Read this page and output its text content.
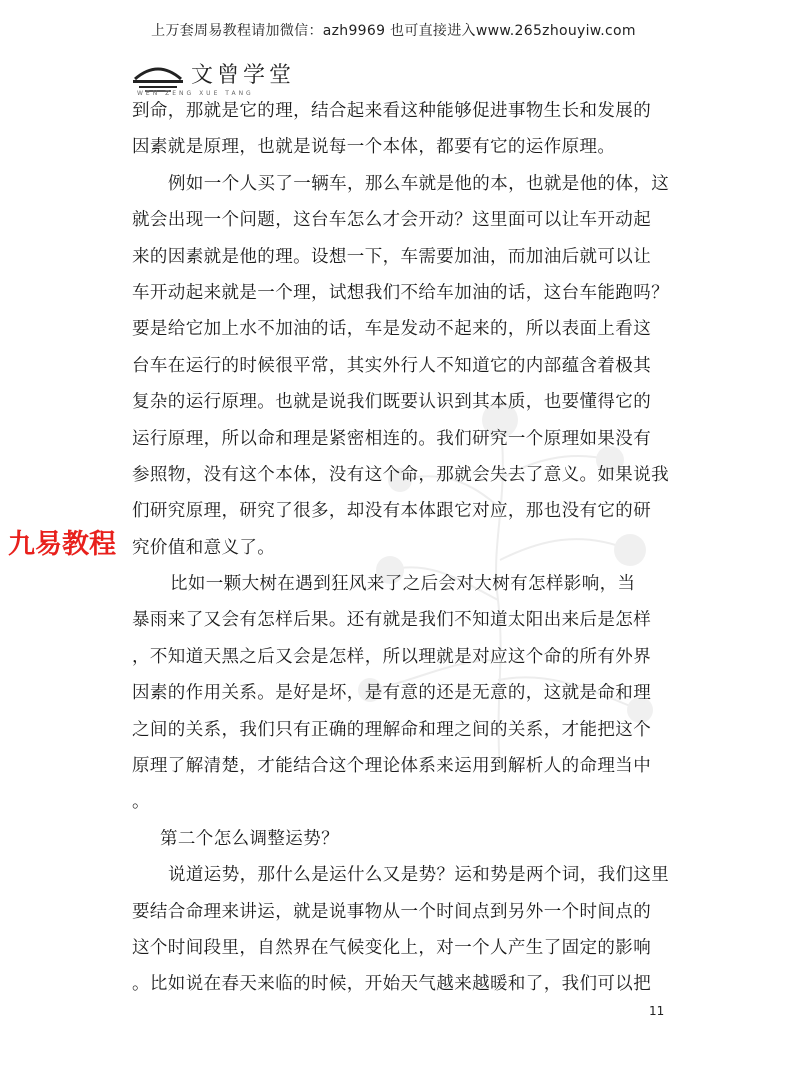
上万套周易教程请加微信：azh9969 也可直接进入www.265zhouyiw.com
文曾学堂
WEN ZENG XUE TANG
到命，那就是它的理，结合起来看这种能够促进事物生长和发展的
因素就是原理，也就是说每一个本体，都要有它的运作原理。
例如一个人买了一辆车，那么车就是他的本，也就是他的体，这
就会出现一个问题，这台车怎么才会开动？这里面可以让车开动起
来的因素就是他的理。设想一下，车需要加油，而加油后就可以让
车开动起来就是一个理，试想我们不给车加油的话，这台车能跑吗？
要是给它加上水不加油的话，车是发动不起来的，所以表面上看这
台车在运行的时候很平常，其实外行人不知道它的内部蕴含着极其
复杂的运行原理。也就是说我们既要认识到其本质，也要懂得它的
运行原理，所以命和理是紧密相连的。我们研究一个原理如果没有
参照物，没有这个本体，没有这个命，那就会失去了意义。如果说我
们研究原理，研究了很多，却没有本体跟它对应，那也没有它的研
究价值和意义了。
比如一颗大树在遇到狂风来了之后会对大树有怎样影响，当
暴雨来了又会有怎样后果。还有就是我们不知道太阳出来后是怎样
，不知道天黑之后又会是怎样，所以理就是对应这个命的所有外界
因素的作用关系。是好是坏，是有意的还是无意的，这就是命和理
之间的关系，我们只有正确的理解命和理之间的关系，才能把这个
原理了解清楚，才能结合这个理论体系来运用到解析人的命理当中
。
第二个怎么调整运势？
说道运势，那什么是运什么又是势？运和势是两个词，我们这里
要结合命理来讲运，就是说事物从一个时间点到另外一个时间点的
这个时间段里，自然界在气候变化上，对一个人产生了固定的影响
。比如说在春天来临的时候，开始天气越来越暖和了，我们可以把
九易教程
11
